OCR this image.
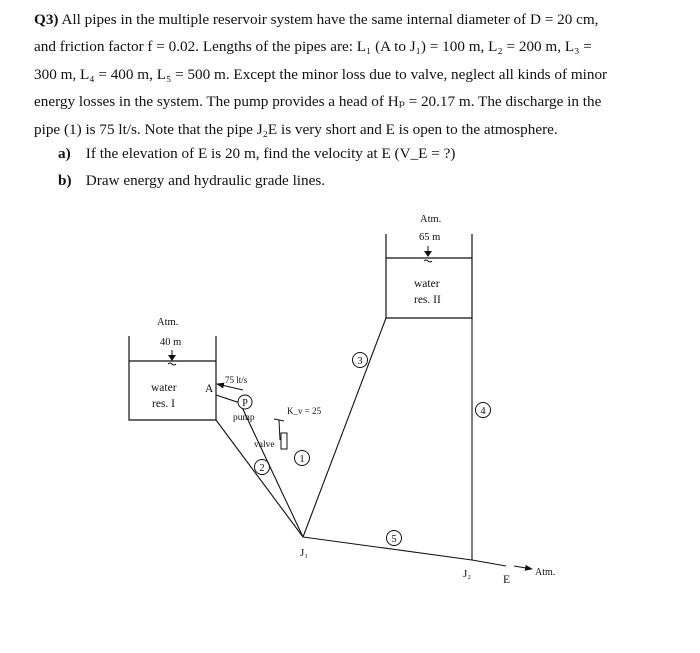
Q3) All pipes in the multiple reservoir system have the same internal diameter of D = 20 cm,

and friction factor f = 0.02. Lengths of the pipes are: L₁ (A to J₁) = 100 m, L₂ = 200 m, L₃ =

300 m, L₄ = 400 m, L₅ = 500 m. Except the minor loss due to valve, neglect all kinds of minor

energy losses in the system. The pump provides a head of Hₚ = 20.17 m. The discharge in the

pipe (1) is 75 lt/s. Note that the pipe J₂E is very short and E is open to the atmosphere.

a) If the elevation of E is 20 m, find the velocity at E (V_E = ?)
b) Draw energy and hydraulic grade lines.
Atm.
40 m
water
res. I
Atm.
65 m
water
res. II
1
2
3
4
5
A
75 lt/s
P
pump
K_v = 25
valve
J₁
J₂	E
Atm.
